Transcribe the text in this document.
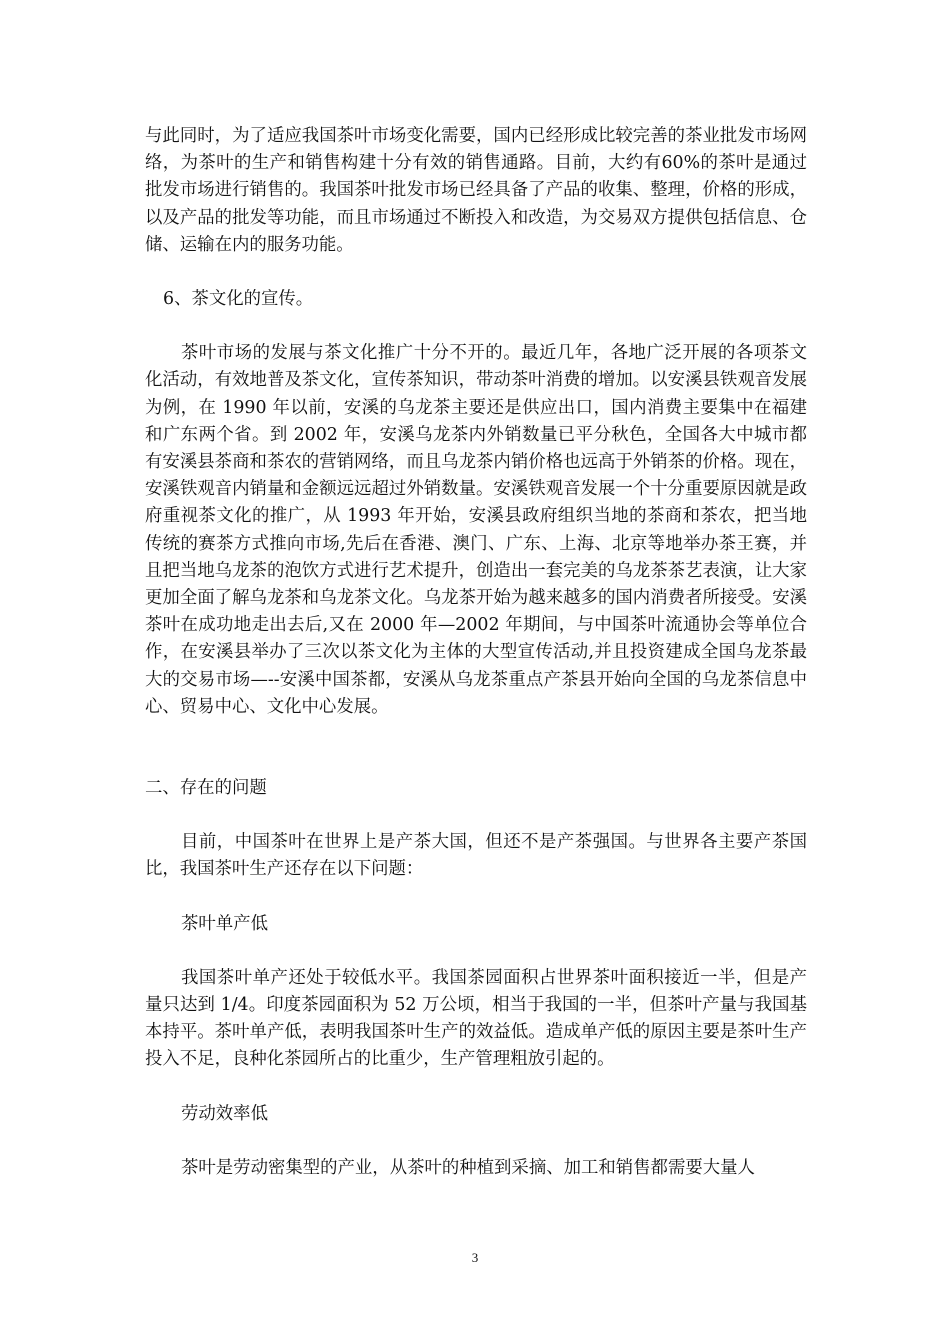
与此同时，为了适应我国茶叶市场变化需要，国内已经形成比较完善的茶业批发市场网络，为茶叶的生产和销售构建十分有效的销售通路。目前，大约有60%的茶叶是通过批发市场进行销售的。我国茶叶批发市场已经具备了产品的收集、整理，价格的形成，以及产品的批发等功能，而且市场通过不断投入和改造，为交易双方提供包括信息、仓储、运输在内的服务功能。

6、茶文化的宣传。

茶叶市场的发展与茶文化推广十分不开的。最近几年，各地广泛开展的各项茶文化活动，有效地普及茶文化，宣传茶知识，带动茶叶消费的增加。以安溪县铁观音发展为例，在 1990 年以前，安溪的乌龙茶主要还是供应出口，国内消费主要集中在福建和广东两个省。到 2002 年，安溪乌龙茶内外销数量已平分秋色，全国各大中城市都有安溪县茶商和茶农的营销网络，而且乌龙茶内销价格也远高于外销茶的价格。现在，安溪铁观音内销量和金额远远超过外销数量。安溪铁观音发展一个十分重要原因就是政府重视茶文化的推广，从 1993 年开始，安溪县政府组织当地的茶商和茶农，把当地传统的赛茶方式推向市场,先后在香港、澳门、广东、上海、北京等地举办茶王赛，并且把当地乌龙茶的泡饮方式进行艺术提升，创造出一套完美的乌龙茶茶艺表演，让大家更加全面了解乌龙茶和乌龙茶文化。乌龙茶开始为越来越多的国内消费者所接受。安溪茶叶在成功地走出去后,又在 2000 年—2002 年期间，与中国茶叶流通协会等单位合作，在安溪县举办了三次以茶文化为主体的大型宣传活动,并且投资建成全国乌龙茶最大的交易市场—--安溪中国茶都，安溪从乌龙茶重点产茶县开始向全国的乌龙茶信息中心、贸易中心、文化中心发展。

二、存在的问题

目前，中国茶叶在世界上是产茶大国，但还不是产茶强国。与世界各主要产茶国比，我国茶叶生产还存在以下问题：

茶叶单产低

我国茶叶单产还处于较低水平。我国茶园面积占世界茶叶面积接近一半，但是产量只达到 1/4。印度茶园面积为 52 万公顷，相当于我国的一半，但茶叶产量与我国基本持平。茶叶单产低，表明我国茶叶生产的效益低。造成单产低的原因主要是茶叶生产投入不足，良种化茶园所占的比重少，生产管理粗放引起的。

劳动效率低

茶叶是劳动密集型的产业，从茶叶的种植到采摘、加工和销售都需要大量人

3
